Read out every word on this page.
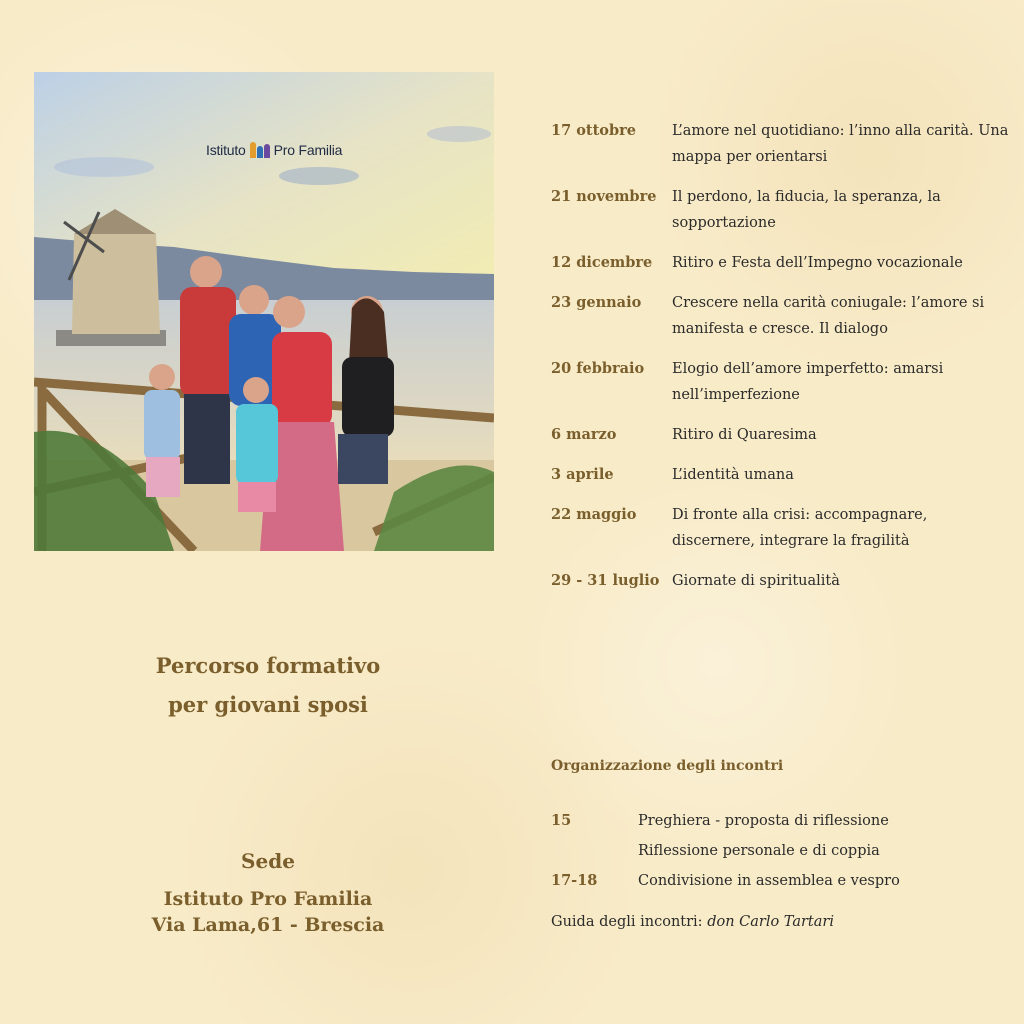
Istituto Pro Familia
17 ottobre	L’amore nel quotidiano: l’inno alla carità. Una mappa per orientarsi
21 novembre	Il perdono, la fiducia, la speranza, la sopportazione
12 dicembre	Ritiro e Festa dell’Impegno vocazionale
23 gennaio	Crescere nella carità coniugale: l’amore si manifesta e cresce. Il dialogo
20 febbraio	Elogio dell’amore imperfetto: amarsi nell’imperfezione
6 marzo	Ritiro di Quaresima
3 aprile	L’identità umana
22 maggio	Di fronte alla crisi: accompagnare, discernere, integrare la fragilità
29 - 31 luglio Giornate di spiritualità
Percorso formativo
per giovani sposi
Sede
Istituto Pro Familia
Via Lama,61 - Brescia
Organizzazione degli incontri
15	Preghiera - proposta di riflessione
Riflessione personale e di coppia
17-18	Condivisione in assemblea e vespro
Guida degli incontri: don Carlo Tartari
